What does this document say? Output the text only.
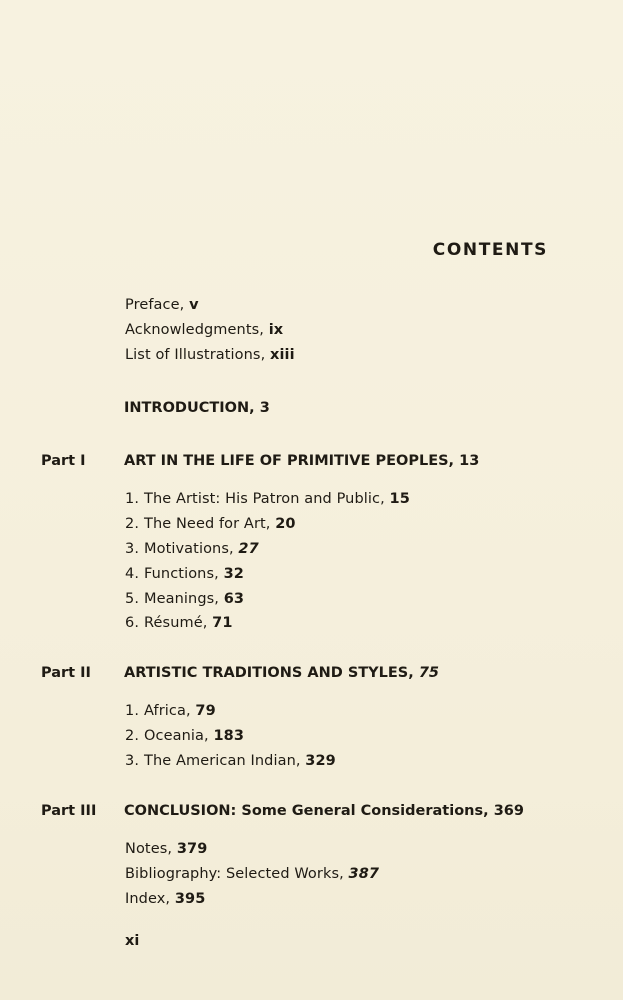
CONTENTS
Preface, v
Acknowledgments, ix
List of Illustrations, xiii
INTRODUCTION, 3
Part I	ART IN THE LIFE OF PRIMITIVE PEOPLES, 13
1. The Artist: His Patron and Public, 15
2. The Need for Art, 20
3. Motivations, 27
4. Functions, 32
5. Meanings, 63
6. Résumé, 71
Part II ARTISTIC TRADITIONS AND STYLES, 75
1. Africa, 79
2. Oceania, 183
3. The American Indian, 329
Part III CONCLUSION: Some General Considerations, 369
Notes, 379
Bibliography: Selected Works, 387
Index, 395
xi
